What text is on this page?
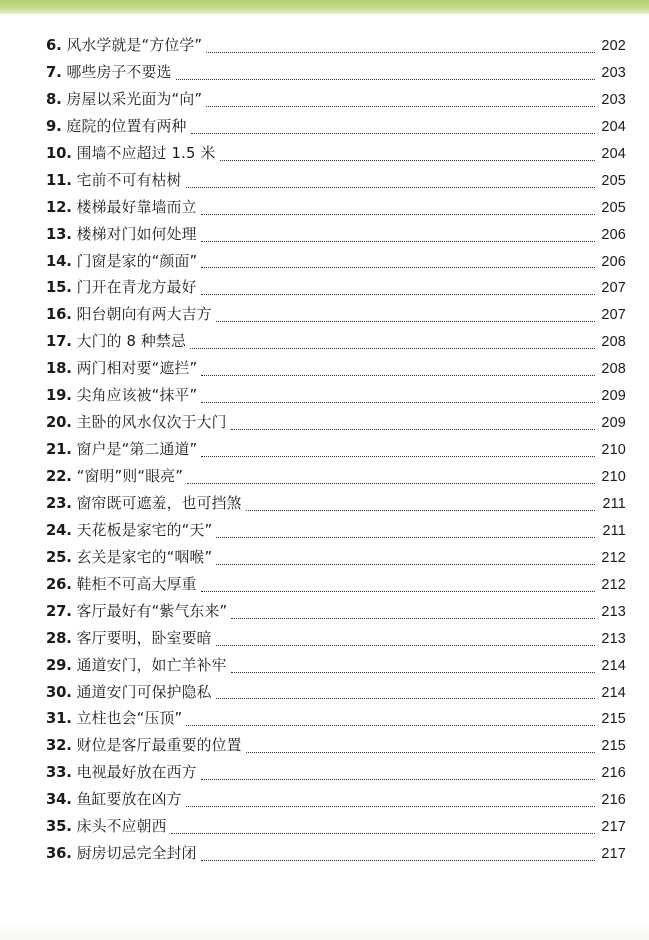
6. 风水学就是“方位学”	202
7. 哪些房子不要选	203
8. 房屋以采光面为“向”	203
9. 庭院的位置有两种	204
10. 围墙不应超过 1.5 米	204
11. 宅前不可有枯树	205
12. 楼梯最好靠墙而立	205
13. 楼梯对门如何处理	206
14. 门窗是家的“颜面”	206
15. 门开在青龙方最好	207
16. 阳台朝向有两大吉方	207
17. 大门的 8 种禁忌	208
18. 两门相对要“遮拦”	208
19. 尖角应该被“抹平”	209
20. 主卧的风水仅次于大门	209
21. 窗户是“第二通道”	210
22. “窗明”则“眼亮”	210
23. 窗帘既可遮羞，也可挡煞	211
24. 天花板是家宅的“天”	211
25. 玄关是家宅的“咽喉”	212
26. 鞋柜不可高大厚重	212
27. 客厅最好有“紫气东来”	213
28. 客厅要明，卧室要暗	213
29. 通道安门，如亡羊补牢	214
30. 通道安门可保护隐私	214
31. 立柱也会“压顶”	215
32. 财位是客厅最重要的位置	215
33. 电视最好放在西方	216
34. 鱼缸要放在凶方	216
35. 床头不应朝西	217
36. 厨房切忌完全封闭	217
